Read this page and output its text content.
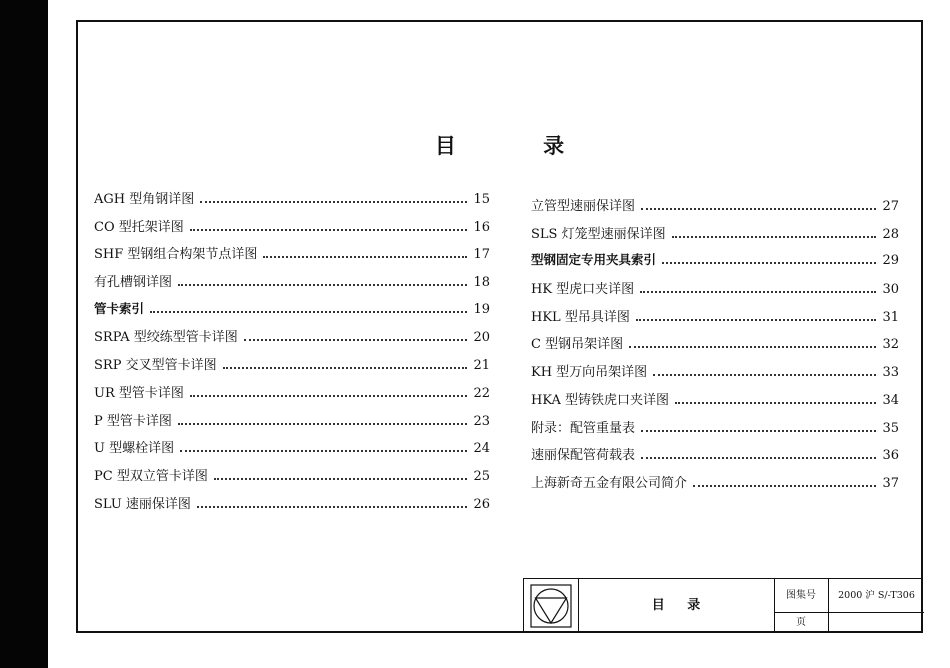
目 录
AGH 型角钢详图	15
CO 型托架详图	16
SHF 型钢组合构架节点详图	17
有孔槽钢详图	18
管卡索引	19
SRPA 型绞练型管卡详图	20
SRP 交叉型管卡详图	21
UR 型管卡详图	22
P 型管卡详图	23
U 型螺栓详图	24
PC 型双立管卡详图	25
SLU 速丽保详图	26
立管型速丽保详图	27
SLS 灯笼型速丽保详图	28
型钢固定专用夹具索引	29
HK 型虎口夹详图	30
HKL 型吊具详图	31
C 型钢吊架详图	32
KH 型万向吊架详图	33
HKA 型铸铁虎口夹详图	34
附录：配管重量表	35
速丽保配管荷载表	36
上海新奇五金有限公司简介	37
目 录
图集号	2000 沪 S/-T306
页
